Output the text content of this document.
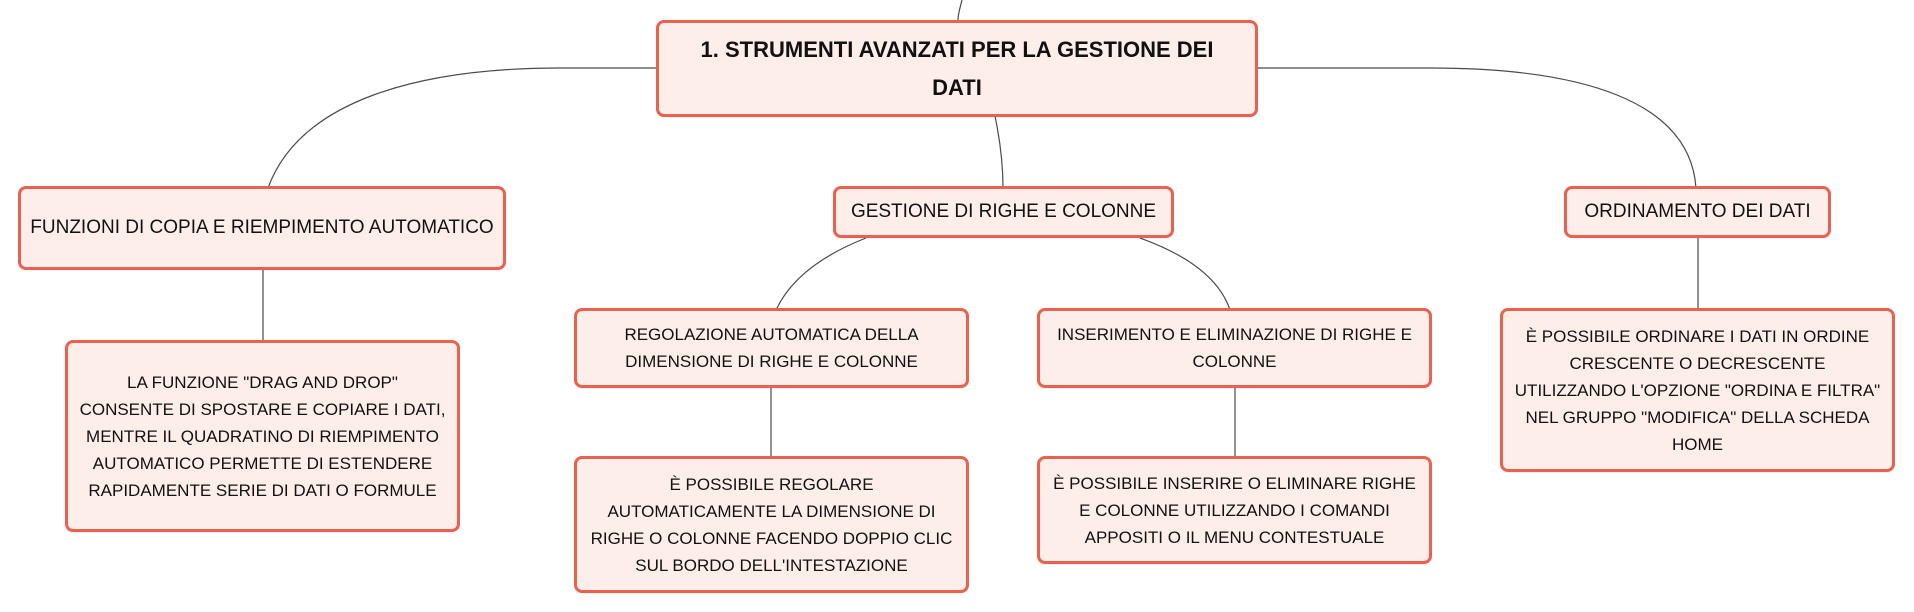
1. STRUMENTI AVANZATI PER LA GESTIONE DEI DATI
FUNZIONI DI COPIA E RIEMPIMENTO AUTOMATICO
GESTIONE DI RIGHE E COLONNE	ORDINAMENTO DEI DATI
LA FUNZIONE "DRAG AND DROP" CONSENTE DI SPOSTARE E COPIARE I DATI, MENTRE IL QUADRATINO DI RIEMPIMENTO AUTOMATICO PERMETTE DI ESTENDERE RAPIDAMENTE SERIE DI DATI O FORMULE
REGOLAZIONE AUTOMATICA DELLA DIMENSIONE DI RIGHE E COLONNE
INSERIMENTO E ELIMINAZIONE DI RIGHE E COLONNE
È POSSIBILE REGOLARE AUTOMATICAMENTE LA DIMENSIONE DI RIGHE O COLONNE FACENDO DOPPIO CLIC SUL BORDO DELL'INTESTAZIONE
È POSSIBILE INSERIRE O ELIMINARE RIGHE E COLONNE UTILIZZANDO I COMANDI APPOSITI O IL MENU CONTESTUALE
È POSSIBILE ORDINARE I DATI IN ORDINE CRESCENTE O DECRESCENTE UTILIZZANDO L'OPZIONE "ORDINA E FILTRA" NEL GRUPPO "MODIFICA" DELLA SCHEDA HOME
